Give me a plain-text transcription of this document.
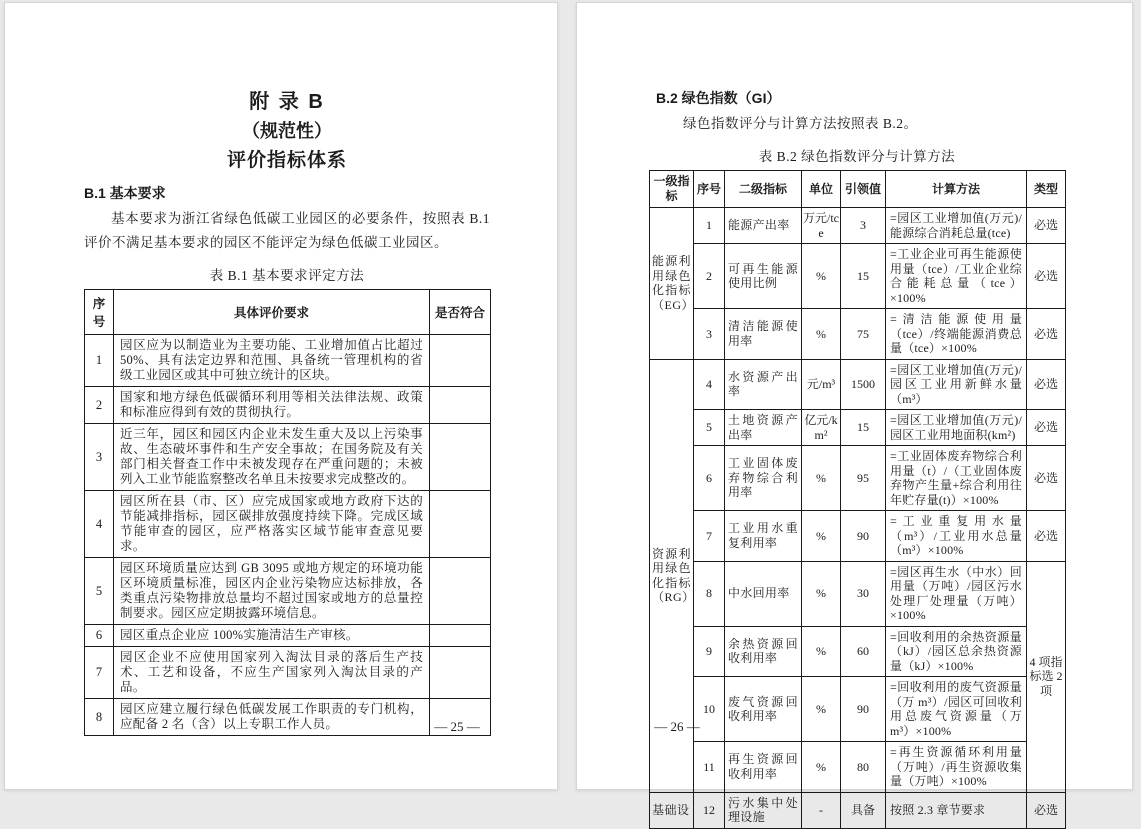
附 录 B
（规范性）
评价指标体系
B.1 基本要求

基本要求为浙江省绿色低碳工业园区的必要条件，按照表 B.1 评价不满足基本要求的园区不能评定为绿色低碳工业园区。

表 B.1 基本要求评定方法
序号	具体评价要求	是否符合
1	园区应为以制造业为主要功能、工业增加值占比超过 50%、具有法定边界和范围、具备统一管理机构的省级工业园区或其中可独立统计的区块。	
2	国家和地方绿色低碳循环利用等相关法律法规、政策和标准应得到有效的贯彻执行。	
3	近三年，园区和园区内企业未发生重大及以上污染事故、生态破坏事件和生产安全事故；在国务院及有关部门相关督查工作中未被发现存在严重问题的；未被列入工业节能监察整改名单且未按要求完成整改的。	
4	园区所在县（市、区）应完成国家或地方政府下达的节能减排指标，园区碳排放强度持续下降。完成区域节能审查的园区，应严格落实区域节能审查意见要求。	
5	园区环境质量应达到 GB 3095 或地方规定的环境功能区环境质量标准，园区内企业污染物应达标排放，各类重点污染物排放总量均不超过国家或地方的总量控制要求。园区应定期披露环境信息。	
6	园区重点企业应 100%实施清洁生产审核。	
7	园区企业不应使用国家列入淘汰目录的落后生产技术、工艺和设备，不应生产国家列入淘汰目录的产品。	
8	园区应建立履行绿色低碳发展工作职责的专门机构，应配备 2 名（含）以上专职工作人员。		— 25 —
B.2 绿色指数（GI）

绿色指数评分与计算方法按照表 B.2。

表 B.2 绿色指数评分与计算方法
一级指标	序号	二级指标	单位	引领值	计算方法	类型
能源利用绿色化指标（EG）	1	能源产出率	万元/tce	3	=园区工业增加值(万元)/能源综合消耗总量(tce)	必选
	2	可再生能源使用比例	%	15	=工业企业可再生能源使用量（tce）/工业企业综合能耗总量（tce）×100%	必选
	3	清洁能源使用率	%	75	=清洁能源使用量（tce）/终端能源消费总量（tce）×100%	必选
资源利用绿色化指标（RG）	4	水资源产出率	元/m³	1500	=园区工业增加值(万元)/园区工业用新鲜水量（m³）	必选
	5	土地资源产出率	亿元/km²	15	=园区工业增加值(万元)/园区工业用地面积(km²)	必选
	6	工业固体废弃物综合利用率	%	95	=工业固体废弃物综合利用量（t）/（工业固体废弃物产生量+综合利用往年贮存量(t)）×100%	必选
	7	工业用水重复利用率	%	90	=工业重复用水量（m³）/工业用水总量（m³）×100%	必选
	8	中水回用率	%	30	=园区再生水（中水）回用量（万吨）/园区污水处理厂处理量（万吨）×100%	4 项指标选 2 项
	9	余热资源回收利用率	%	60	=回收利用的余热资源量（kJ）/园区总余热资源量（kJ）×100%	
	10	废气资源回收利用率	%	90	=回收利用的废气资源量（万 m³）/园区可回收利用总废气资源量（万 m³）×100%	
	11	再生资源回收利用率	%	80	=再生资源循环利用量（万吨）/再生资源收集量（万吨）×100%	
基础设	12	污水集中处理设施	-	具备	按照 2.3 章节要求	必选
— 26 —
